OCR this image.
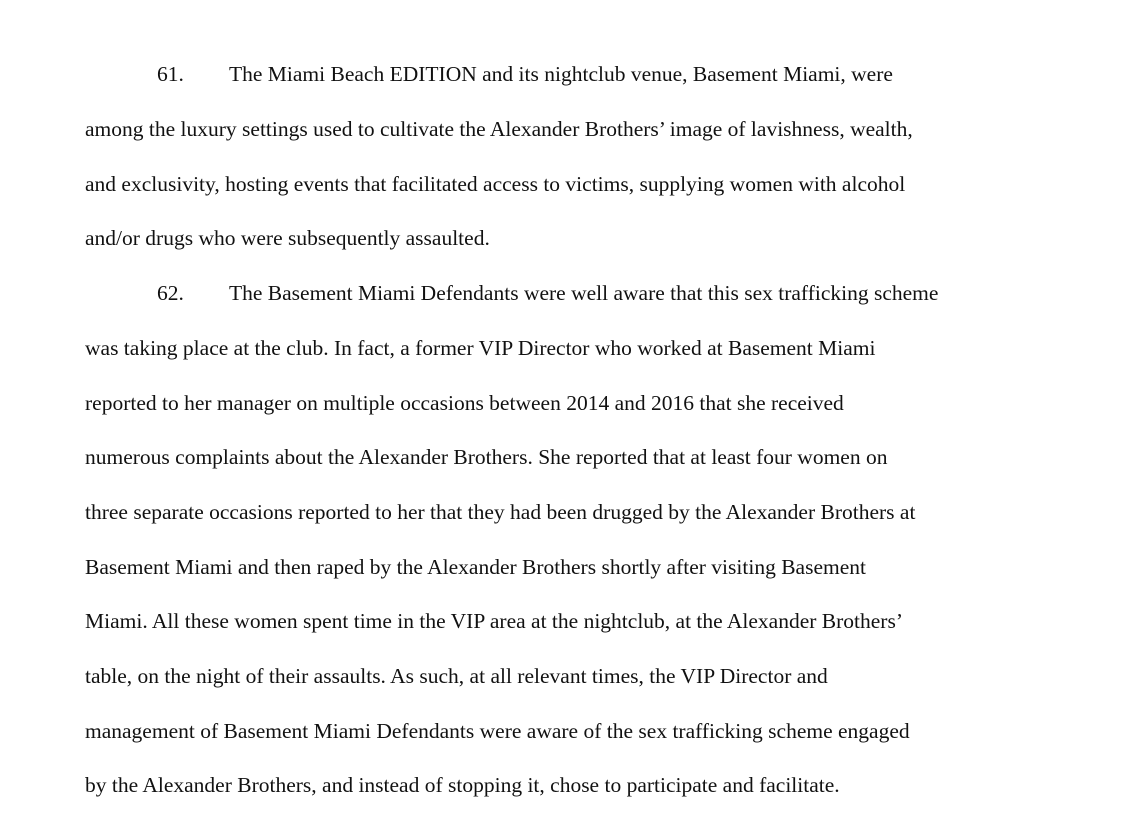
61. The Miami Beach EDITION and its nightclub venue, Basement Miami, were
among the luxury settings used to cultivate the Alexander Brothers’ image of lavishness, wealth,
and exclusivity, hosting events that facilitated access to victims, supplying women with alcohol
and/or drugs who were subsequently assaulted.
62. The Basement Miami Defendants were well aware that this sex trafficking scheme
was taking place at the club. In fact, a former VIP Director who worked at Basement Miami
reported to her manager on multiple occasions between 2014 and 2016 that she received
numerous complaints about the Alexander Brothers. She reported that at least four women on
three separate occasions reported to her that they had been drugged by the Alexander Brothers at
Basement Miami and then raped by the Alexander Brothers shortly after visiting Basement
Miami. All these women spent time in the VIP area at the nightclub, at the Alexander Brothers’
table, on the night of their assaults. As such, at all relevant times, the VIP Director and
management of Basement Miami Defendants were aware of the sex trafficking scheme engaged
by the Alexander Brothers, and instead of stopping it, chose to participate and facilitate.
